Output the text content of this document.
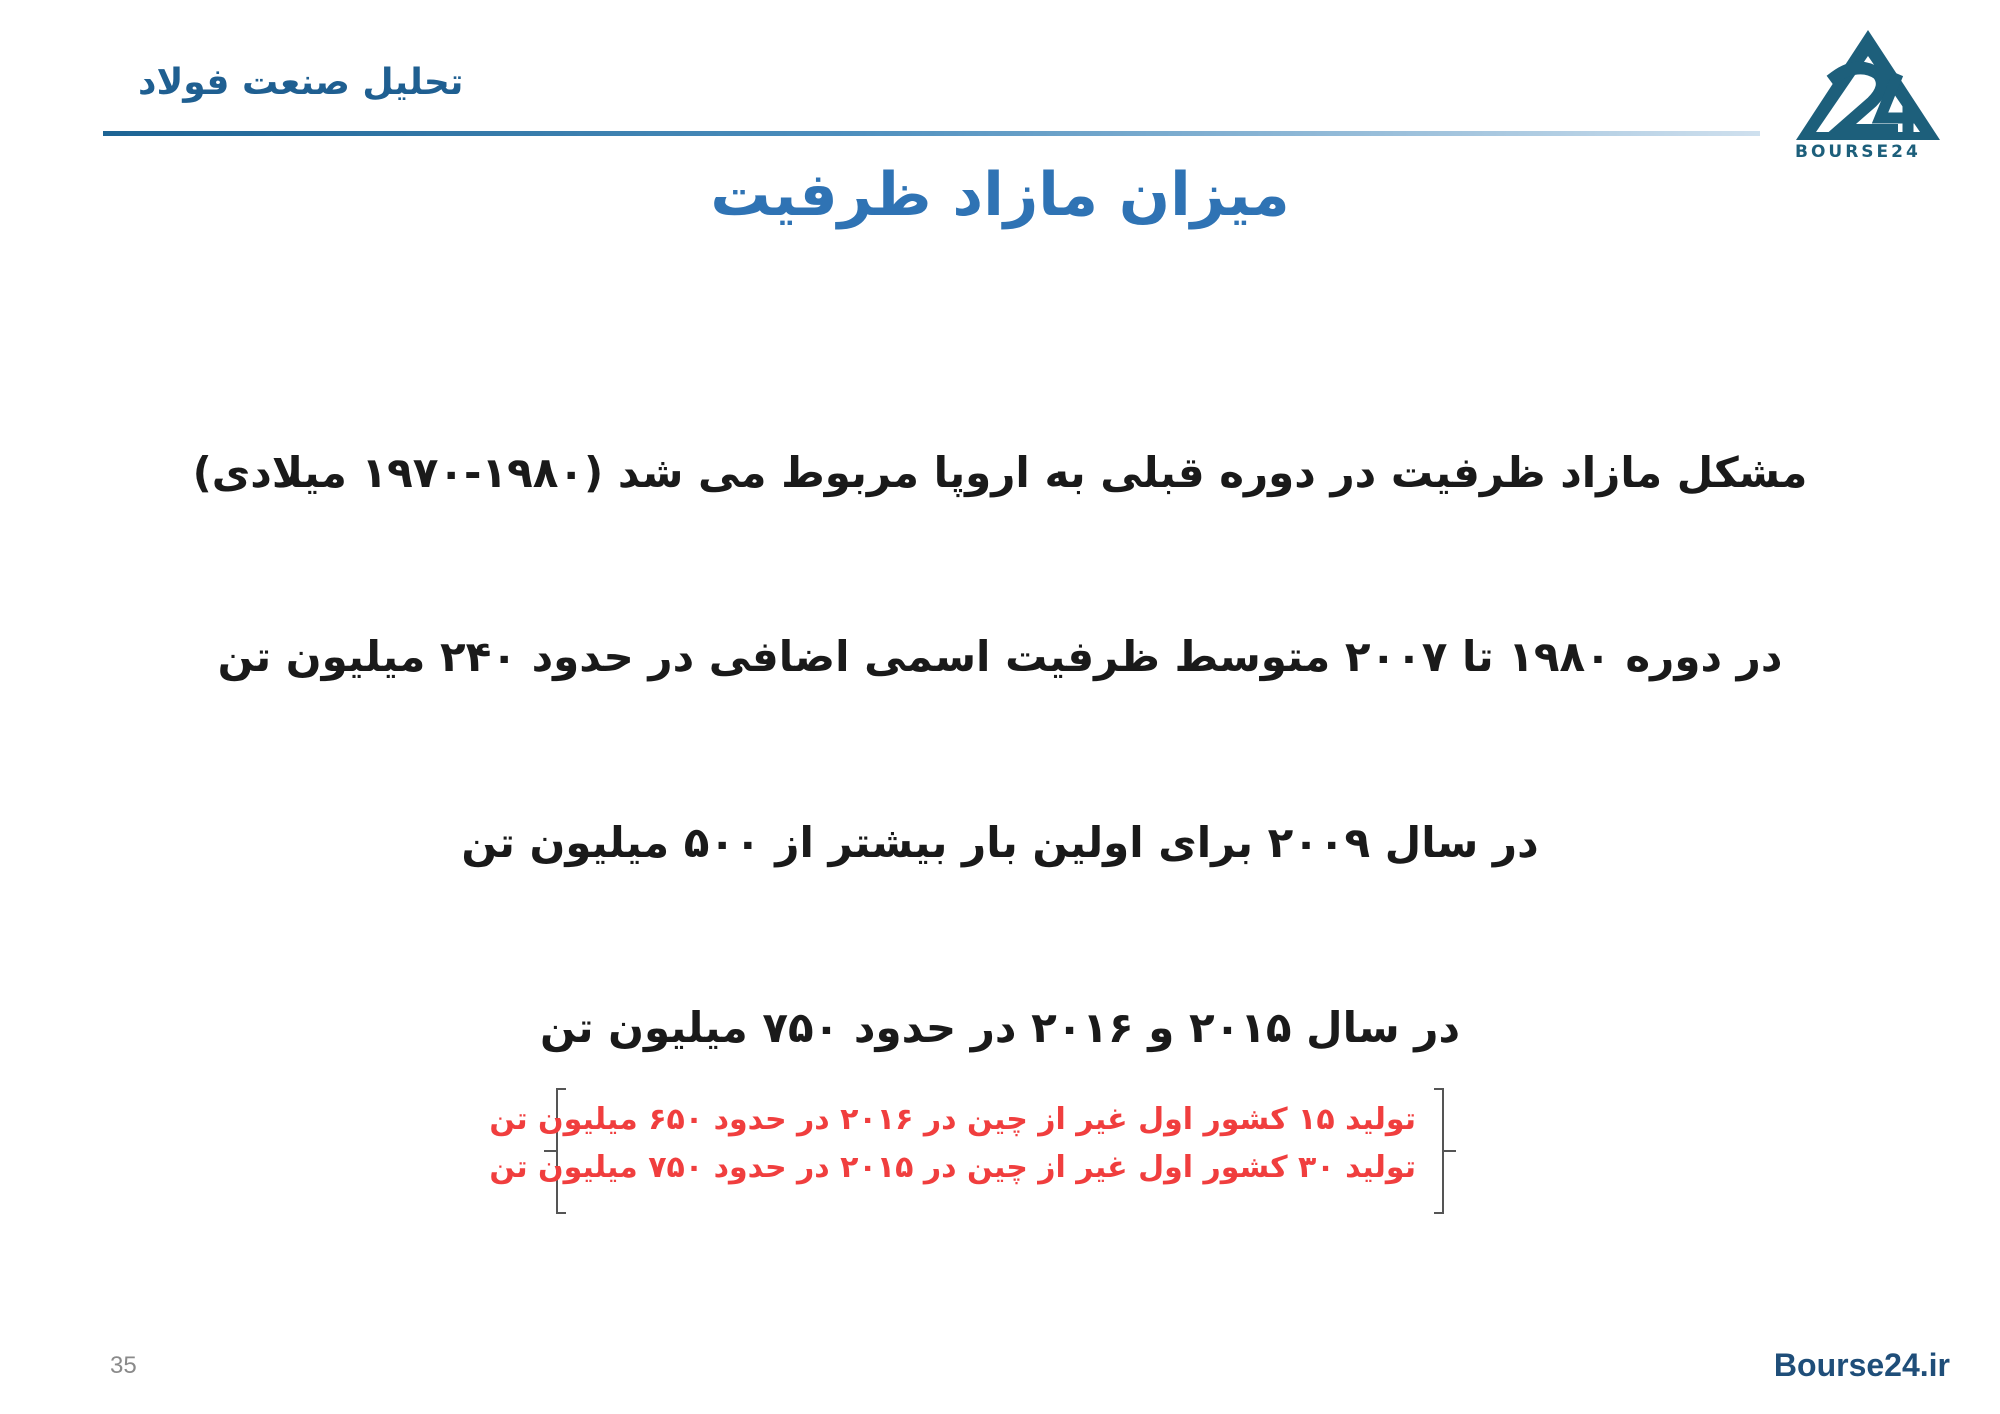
تحلیل صنعت فولاد
BOURSE24
میزان مازاد ظرفیت
مشکل مازاد ظرفیت در دوره قبلی به اروپا مربوط می شد (۱۹۸۰-۱۹۷۰ میلادی)
در دوره ۱۹۸۰ تا ۲۰۰۷ متوسط ظرفیت اسمی اضافی در حدود ۲۴۰ میلیون تن
در سال ۲۰۰۹ برای اولین بار بیشتر از ۵۰۰ میلیون تن
در سال ۲۰۱۵ و ۲۰۱۶ در حدود ۷۵۰ میلیون تن
تولید ۱۵ کشور اول غیر از چین در ۲۰۱۶ در حدود ۶۵۰ میلیون تن
تولید ۳۰ کشور اول غیر از چین در ۲۰۱۵ در حدود ۷۵۰ میلیون تن
35	Bourse24.ir
